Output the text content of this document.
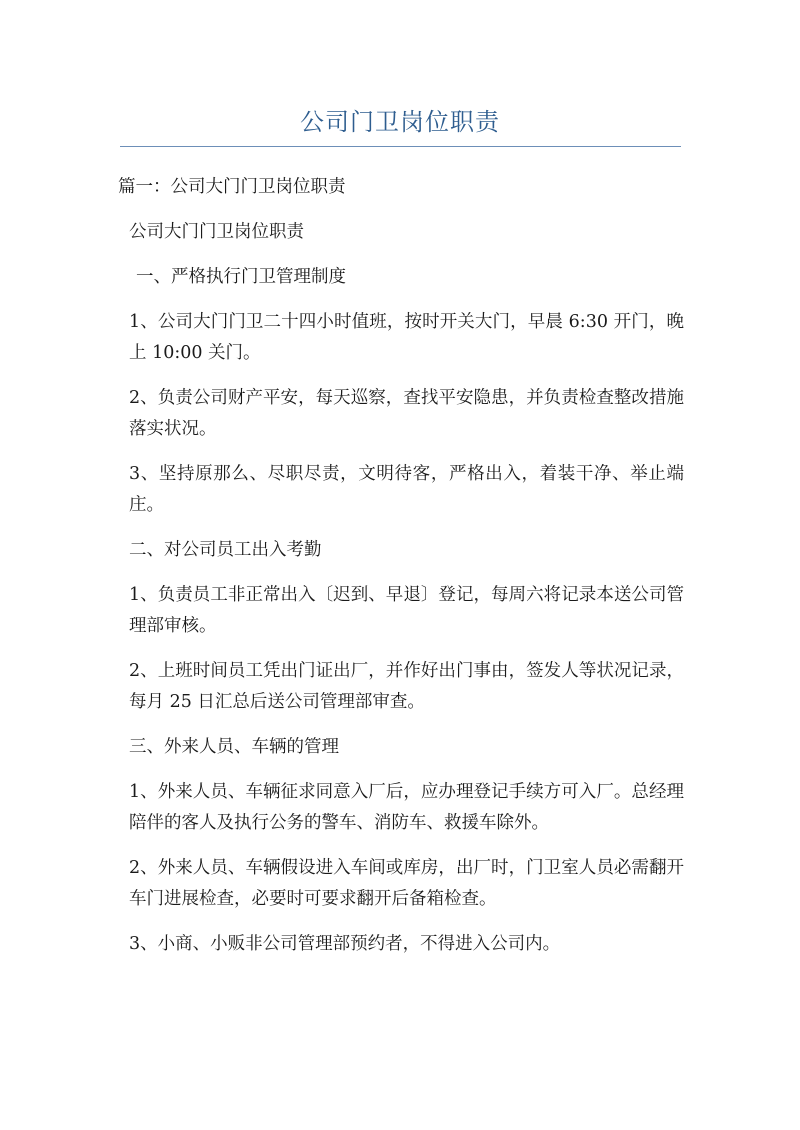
公司门卫岗位职责

篇一：公司大门门卫岗位职责

公司大门门卫岗位职责

一、严格执行门卫管理制度

1、公司大门门卫二十四小时值班，按时开关大门，早晨 6:30 开门，晚上 10:00 关门。

2、负责公司财产平安，每天巡察，查找平安隐患，并负责检查整改措施落实状况。

3、坚持原那么、尽职尽责，文明待客，严格出入，着装干净、举止端庄。

二、对公司员工出入考勤

1、负责员工非正常出入〔迟到、早退〕登记，每周六将记录本送公司管理部审核。

2、上班时间员工凭出门证出厂，并作好出门事由，签发人等状况记录，每月 25 日汇总后送公司管理部审查。

三、外来人员、车辆的管理

1、外来人员、车辆征求同意入厂后，应办理登记手续方可入厂。总经理陪伴的客人及执行公务的警车、消防车、救援车除外。

2、外来人员、车辆假设进入车间或库房，出厂时，门卫室人员必需翻开车门进展检查，必要时可要求翻开后备箱检查。

3、小商、小贩非公司管理部预约者，不得进入公司内。
